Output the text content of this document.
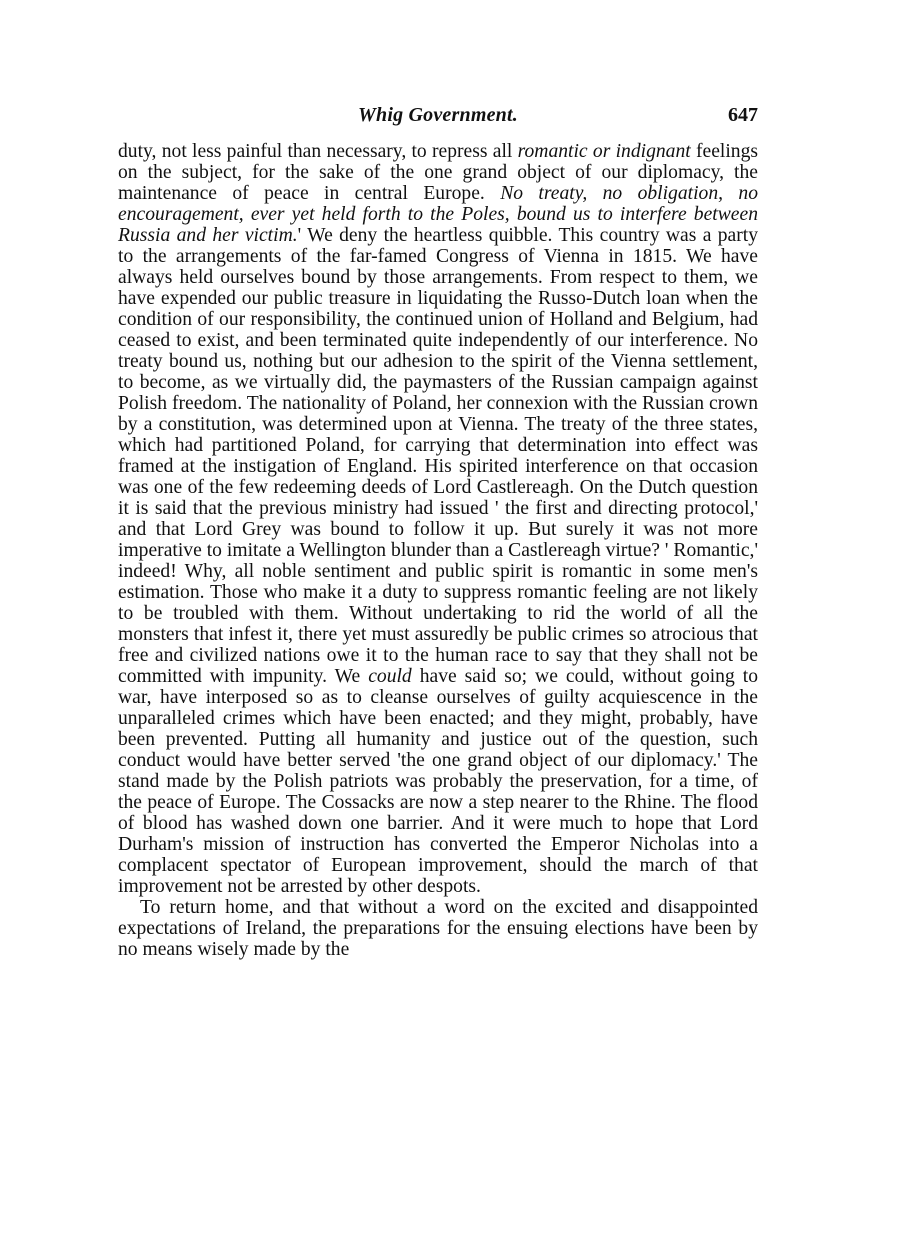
Whig Government.	647

duty, not less painful than necessary, to repress all romantic or indignant feelings on the subject, for the sake of the one grand object of our diplomacy, the maintenance of peace in central Europe. No treaty, no obligation, no encouragement, ever yet held forth to the Poles, bound us to interfere between Russia and her victim.' We deny the heartless quibble. This country was a party to the arrangements of the far-famed Congress of Vienna in 1815. We have always held ourselves bound by those arrangements. From respect to them, we have expended our public treasure in liquidating the Russo-Dutch loan when the condition of our responsibility, the continued union of Holland and Belgium, had ceased to exist, and been terminated quite independently of our interference. No treaty bound us, nothing but our adhesion to the spirit of the Vienna settlement, to become, as we virtually did, the paymasters of the Russian campaign against Polish freedom. The nationality of Poland, her connexion with the Russian crown by a constitution, was determined upon at Vienna. The treaty of the three states, which had partitioned Poland, for carrying that determination into effect was framed at the instigation of England. His spirited interference on that occasion was one of the few redeeming deeds of Lord Castlereagh. On the Dutch question it is said that the previous ministry had issued ' the first and directing protocol,' and that Lord Grey was bound to follow it up. But surely it was not more imperative to imitate a Wellington blunder than a Castlereagh virtue? ' Romantic,' indeed! Why, all noble sentiment and public spirit is romantic in some men's estimation. Those who make it a duty to suppress romantic feeling are not likely to be troubled with them. Without undertaking to rid the world of all the monsters that infest it, there yet must assuredly be public crimes so atrocious that free and civilized nations owe it to the human race to say that they shall not be committed with impunity. We could have said so; we could, without going to war, have interposed so as to cleanse ourselves of guilty acquiescence in the unparalleled crimes which have been enacted; and they might, probably, have been prevented. Putting all humanity and justice out of the question, such conduct would have better served 'the one grand object of our diplomacy.' The stand made by the Polish patriots was probably the preservation, for a time, of the peace of Europe. The Cossacks are now a step nearer to the Rhine. The flood of blood has washed down one barrier. And it were much to hope that Lord Durham's mission of instruction has converted the Emperor Nicholas into a complacent spectator of European improvement, should the march of that improvement not be arrested by other despots.

To return home, and that without a word on the excited and disappointed expectations of Ireland, the preparations for the ensuing elections have been by no means wisely made by the
